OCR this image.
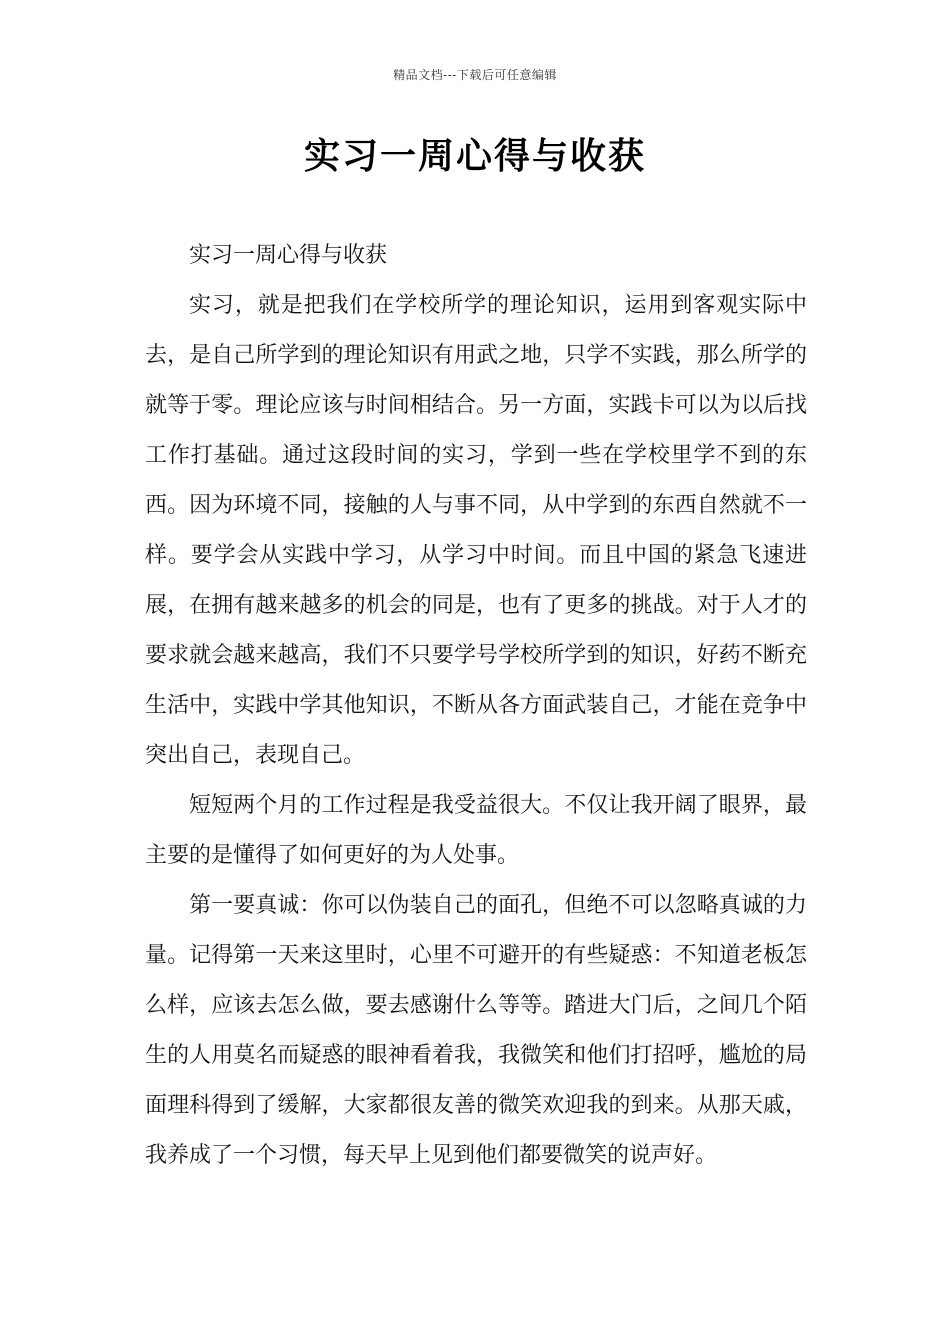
精品文档---下载后可任意编辑
实习一周心得与收获

实习一周心得与收获

实习，就是把我们在学校所学的理论知识，运用到客观实际中去，是自己所学到的理论知识有用武之地，只学不实践，那么所学的就等于零。理论应该与时间相结合。另一方面，实践卡可以为以后找工作打基础。通过这段时间的实习，学到一些在学校里学不到的东西。因为环境不同，接触的人与事不同，从中学到的东西自然就不一样。要学会从实践中学习，从学习中时间。而且中国的紧急飞速进展，在拥有越来越多的机会的同是，也有了更多的挑战。对于人才的要求就会越来越高，我们不只要学号学校所学到的知识，好药不断充生活中，实践中学其他知识，不断从各方面武装自己，才能在竞争中突出自己，表现自己。

短短两个月的工作过程是我受益很大。不仅让我开阔了眼界，最主要的是懂得了如何更好的为人处事。

第一要真诚：你可以伪装自己的面孔，但绝不可以忽略真诚的力量。记得第一天来这里时，心里不可避开的有些疑惑：不知道老板怎么样，应该去怎么做，要去感谢什么等等。踏进大门后，之间几个陌生的人用莫名而疑惑的眼神看着我，我微笑和他们打招呼，尴尬的局面理科得到了缓解，大家都很友善的微笑欢迎我的到来。从那天戚，我养成了一个习惯，每天早上见到他们都要微笑的说声好。
